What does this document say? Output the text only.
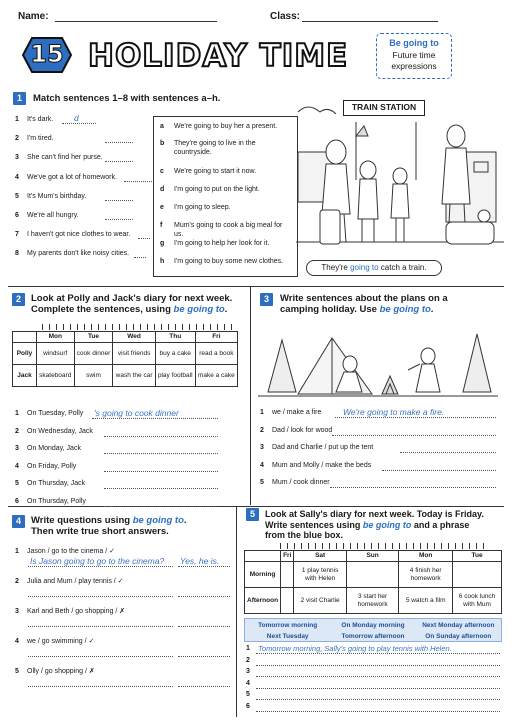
Name:	Class:
15 HOLIDAY TIME	Be going to
Future time expressions
1	Match sentences 1–8 with sentences a–h.
1 It's dark.	d
2 I'm tired.
3 She can't find her purse.
4 We've got a lot of homework.
5 It's Mum's birthday.
6 We're all hungry.
7 I haven't got nice clothes to wear.
8 My parents don't like noisy cities.
a We're going to buy her a present.
b They're going to live in the countryside.
c We're going to start it now.
d I'm going to put on the light.
e I'm going to sleep.
f Mum's going to cook a big meal for us.
g I'm going to help her look for it.
h I'm going to buy some new clothes.
TRAIN STATION
They're going to catch a train.
2	Look at Polly and Jack's diary for next week.
Complete the sentences, using be going to.
	Mon	Tue	Wed	Thu	Fri
Polly	windsurf	cook dinner	visit friends	buy a cake	read a book
Jack	skateboard	swim	wash the car	play football	make a cake
1 On Tuesday, Polly 's going to cook dinner
2 On Wednesday, Jack
3 On Monday, Jack
4 On Friday, Polly
5 On Thursday, Jack
6 On Thursday, Polly
3	Write sentences about the plans on a
camping holiday. Use be going to.
1 we / make a fire	We're going to make a fire.
2 Dad / look for wood
3 Dad and Charlie / put up the tent
4 Mum and Molly / make the beds
5 Mum / cook dinner
4	Write questions using be going to.
Then write true short answers.
1 Jason / go to the cinema / ✓
Is Jason going to go to the cinema? Yes, he is.
2 Julia and Mum / play tennis / ✓
3 Karl and Beth / go shopping / ✗
4 we / go swimming / ✓
5 Olly / go shopping / ✗
5	Look at Sally's diary for next week. Today is Friday.
Write sentences using be going to and a phrase
from the blue box.
	Fri	Sat	Sun	Mon	Tue
Morning		1 play tennis with Helen		4 finish her homework	
Afternoon		2 visit Charlie	3 start her homework	5 watch a film	6 cook lunch with Mum
Tomorrow morning	On Monday morning	Next Monday afternoon
Next Tuesday	Tomorrow afternoon	On Sunday afternoon
1 Tomorrow morning, Sally's going to play tennis with Helen.
2
3
4
5
6
